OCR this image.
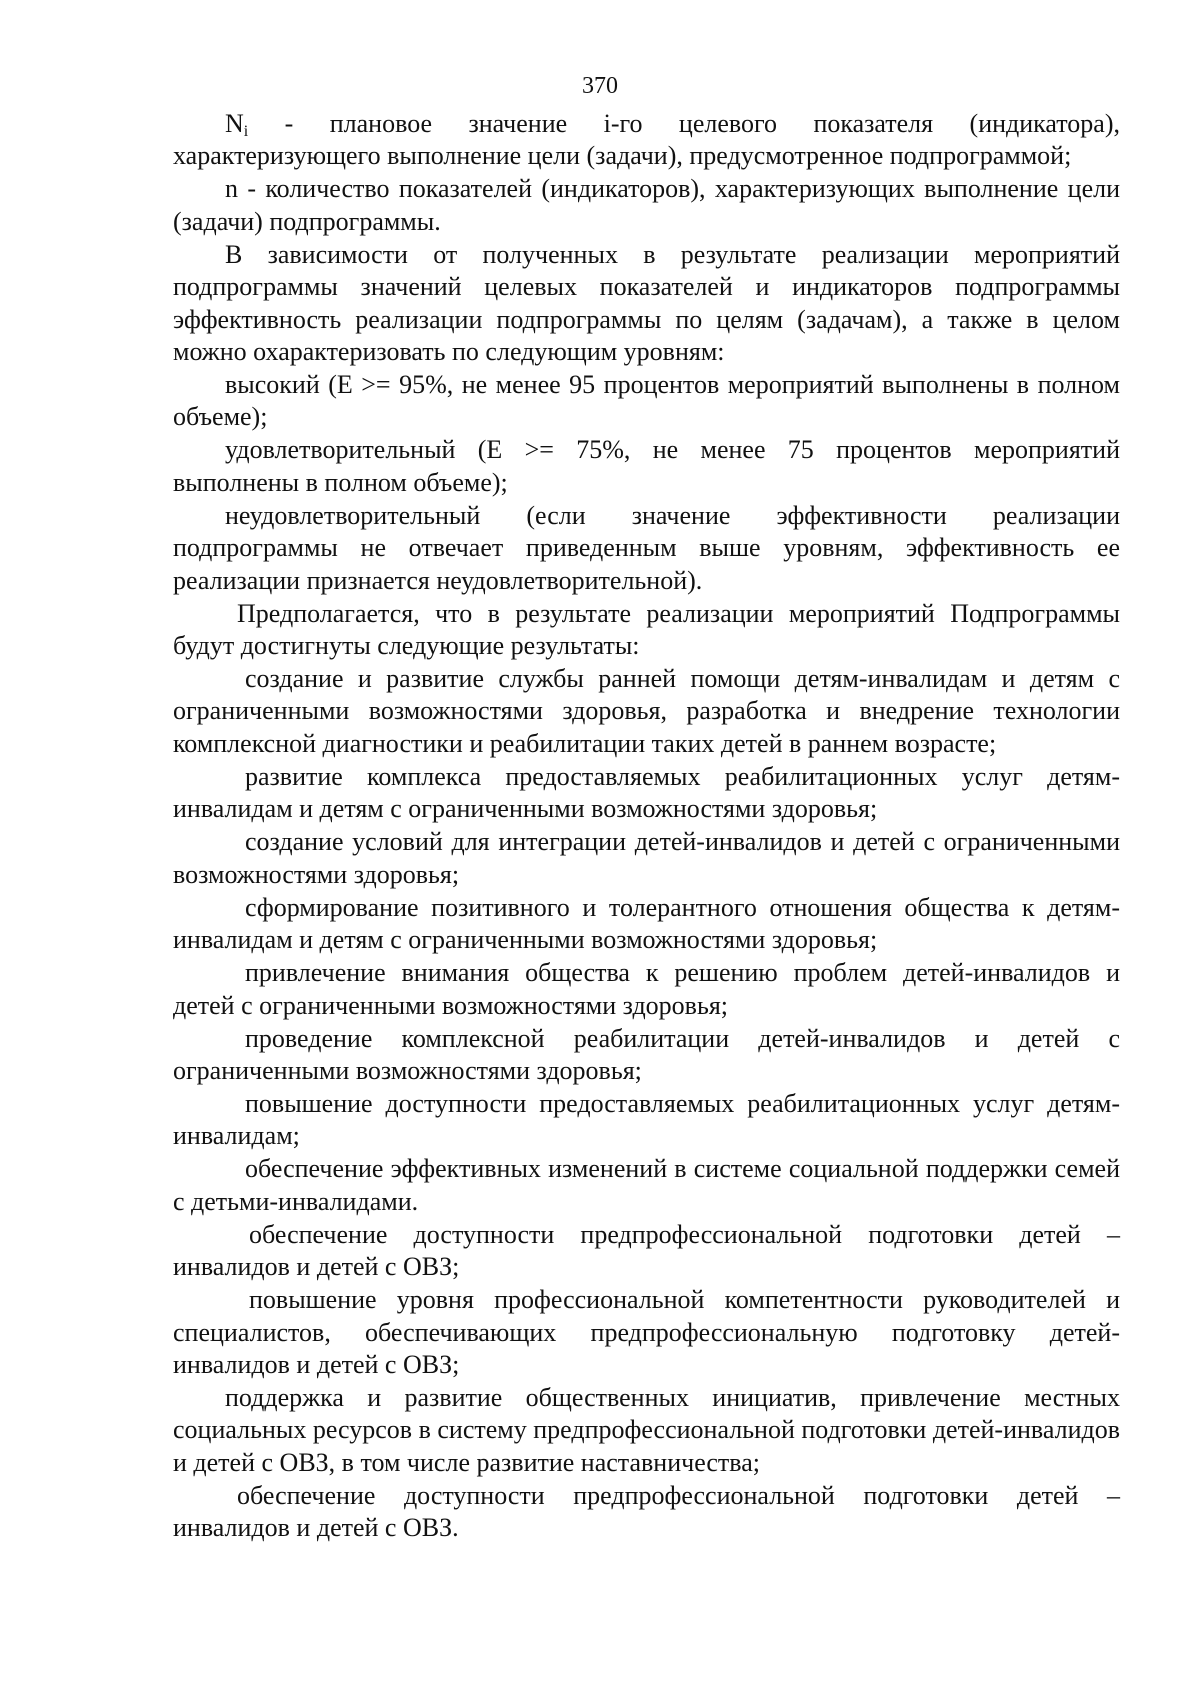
370

$N_i$ - плановое значение i-го целевого показателя (индикатора), характеризующего выполнение цели (задачи), предусмотренное подпрограммой;

n - количество показателей (индикаторов), характеризующих выполнение цели (задачи) подпрограммы.

В зависимости от полученных в результате реализации мероприятий подпрограммы значений целевых показателей и индикаторов подпрограммы эффективность реализации подпрограммы по целям (задачам), а также в целом можно охарактеризовать по следующим уровням:

высокий (E >= 95%, не менее 95 процентов мероприятий выполнены в полном объеме);

удовлетворительный (E >= 75%, не менее 75 процентов мероприятий выполнены в полном объеме);

неудовлетворительный (если значение эффективности реализации подпрограммы не отвечает приведенным выше уровням, эффективность ее реализации признается неудовлетворительной).

Предполагается, что в результате реализации мероприятий Подпрограммы будут достигнуты следующие результаты:

создание и развитие службы ранней помощи детям-инвалидам и детям с ограниченными возможностями здоровья, разработка и внедрение технологии комплексной диагностики и реабилитации таких детей в раннем возрасте;

развитие комплекса предоставляемых реабилитационных услуг детям-инвалидам и детям с ограниченными возможностями здоровья;

создание условий для интеграции детей-инвалидов и детей с ограниченными возможностями здоровья;

сформирование позитивного и толерантного отношения общества к детям-инвалидам и детям с ограниченными возможностями здоровья;

привлечение внимания общества к решению проблем детей-инвалидов и детей с ограниченными возможностями здоровья;

проведение комплексной реабилитации детей-инвалидов и детей с ограниченными возможностями здоровья;

повышение доступности предоставляемых реабилитационных услуг детям-инвалидам;

обеспечение эффективных изменений в системе социальной поддержки семей с детьми-инвалидами.

обеспечение доступности предпрофессиональной подготовки детей – инвалидов и детей с ОВЗ;

повышение уровня профессиональной компетентности руководителей и специалистов, обеспечивающих предпрофессиональную подготовку детей-инвалидов и детей с ОВЗ;

поддержка и развитие общественных инициатив, привлечение местных социальных ресурсов в систему предпрофессиональной подготовки детей-инвалидов и детей с ОВЗ, в том числе развитие наставничества;

обеспечение доступности предпрофессиональной подготовки детей – инвалидов и детей с ОВЗ.
